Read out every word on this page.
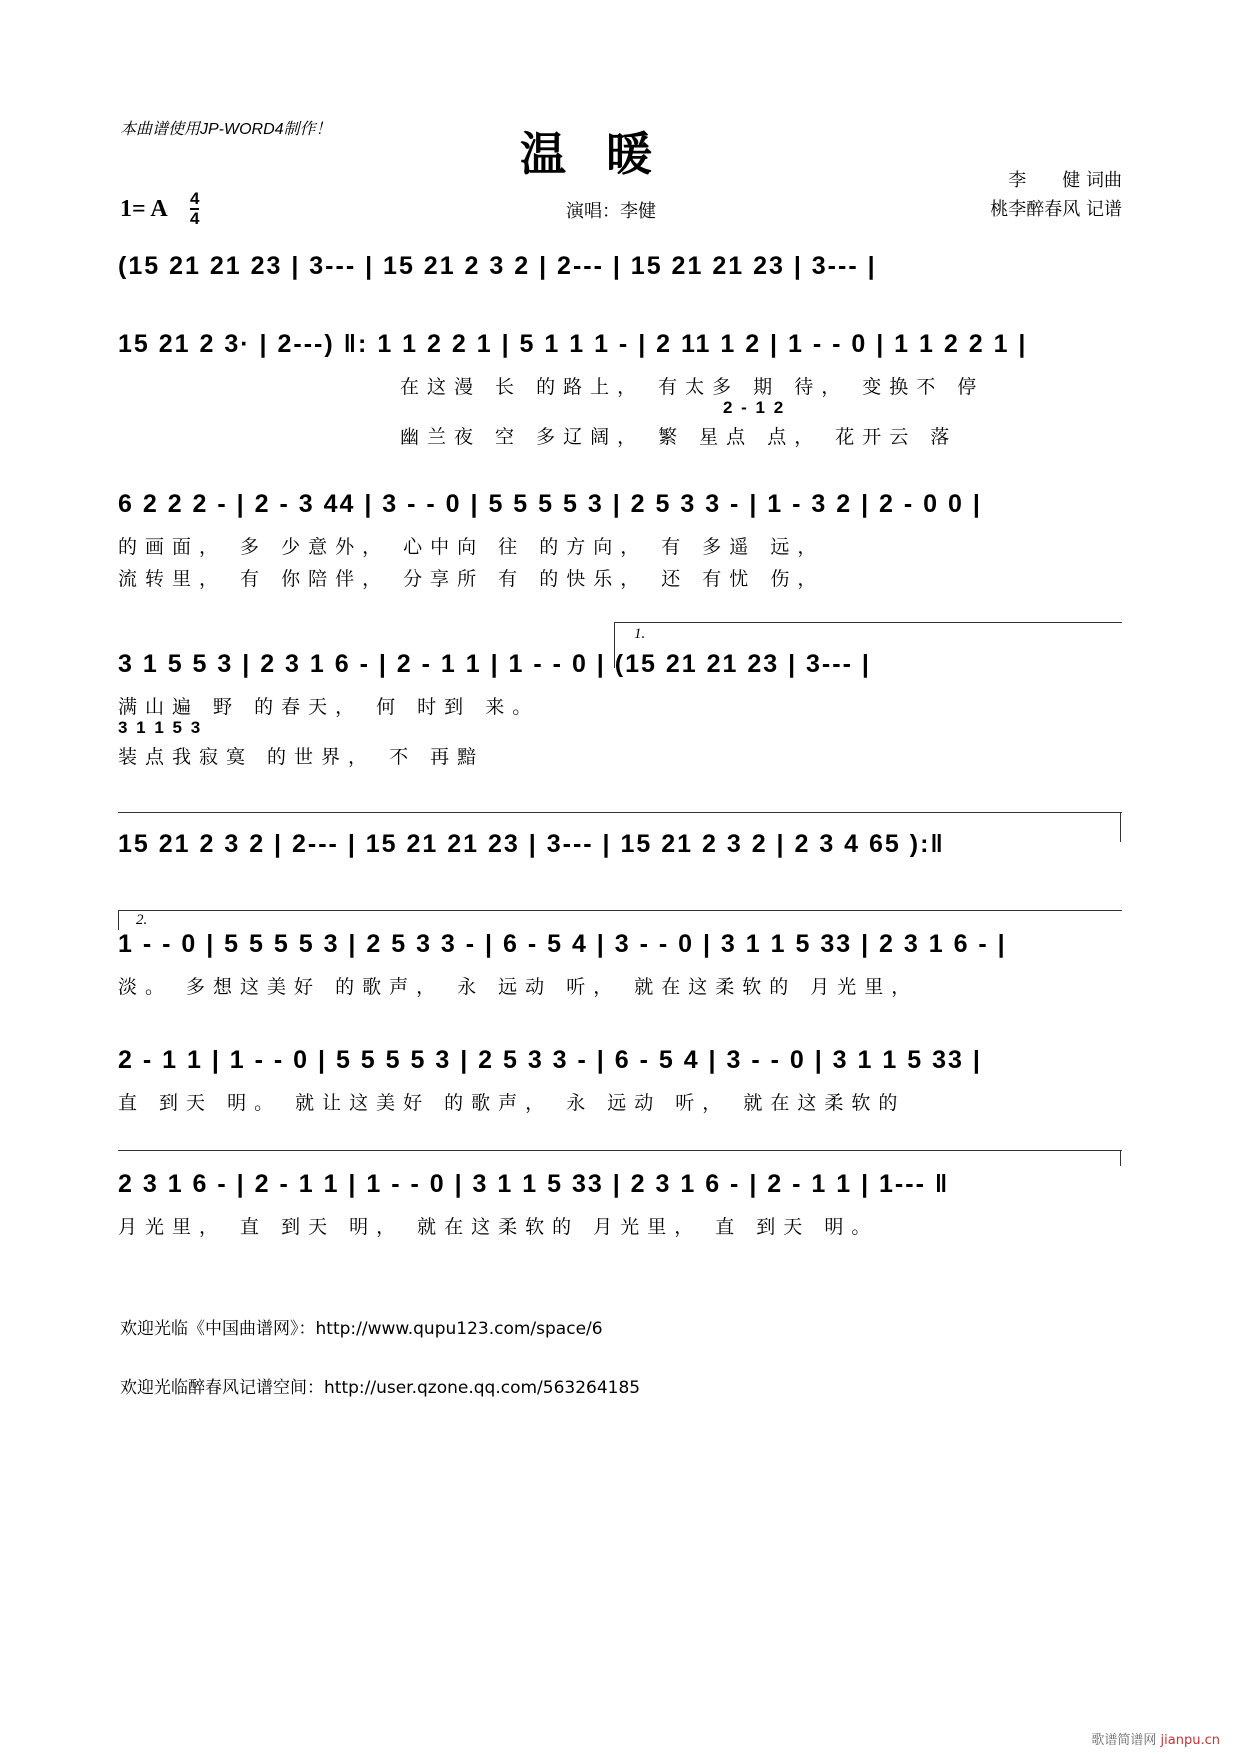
本曲谱使用JP-WORD4制作！	温暖
1= A 4
4	演唱：李健
李　　健 词曲
桃李醉春风 记谱
(15 21 21 23 | 3--- | 15 21 2 3 2 | 2--- | 15 21 21 23 | 3--- |
15 21 2 3· | 2---) ‖: 1 1 2 2 1 | 5 1 1 1 - | 2 11 1 2 | 1 - - 0 | 1 1 2 2 1 |
在这漫 长 的路上， 有太多 期 待， 变换不 停
2 - 1 2
幽兰夜 空 多辽阔， 繁 星点 点， 花开云 落
6 2 2 2 - | 2 - 3 44 | 3 - - 0 | 5 5 5 5 3 | 2 5 3 3 - | 1 - 3 2 | 2 - 0 0 |
的画面， 多 少意外， 心中向 往 的方向， 有 多遥 远，
流转里， 有 你陪伴， 分享所 有 的快乐， 还 有忧 伤，
1.
3 1 5 5 3 | 2 3 1 6 - | 2 - 1 1 | 1 - - 0 | (15 21 21 23 | 3--- |
满山遍 野 的春天， 何 时到 来。
3 1 1 5 3
装点我寂寞 的世界， 不 再黯
15 21 2 3 2 | 2--- | 15 21 21 23 | 3--- | 15 21 2 3 2 | 2 3 4 65 ):‖
2.
1 - - 0 | 5 5 5 5 3 | 2 5 3 3 - | 6 - 5 4 | 3 - - 0 | 3 1 1 5 33 | 2 3 1 6 - |
淡。 多想这美好 的歌声， 永 远动 听， 就在这柔软的 月光里，
2 - 1 1 | 1 - - 0 | 5 5 5 5 3 | 2 5 3 3 - | 6 - 5 4 | 3 - - 0 | 3 1 1 5 33 |
直 到天 明。 就让这美好 的歌声， 永 远动 听， 就在这柔软的
2 3 1 6 - | 2 - 1 1 | 1 - - 0 | 3 1 1 5 33 | 2 3 1 6 - | 2 - 1 1 | 1--- ‖
月光里， 直 到天 明， 就在这柔软的 月光里， 直 到天 明。
欢迎光临《中国曲谱网》：http://www.qupu123.com/space/6
欢迎光临醉春风记谱空间：http://user.qzone.qq.com/563264185
歌谱简谱网 jianpu.cn
